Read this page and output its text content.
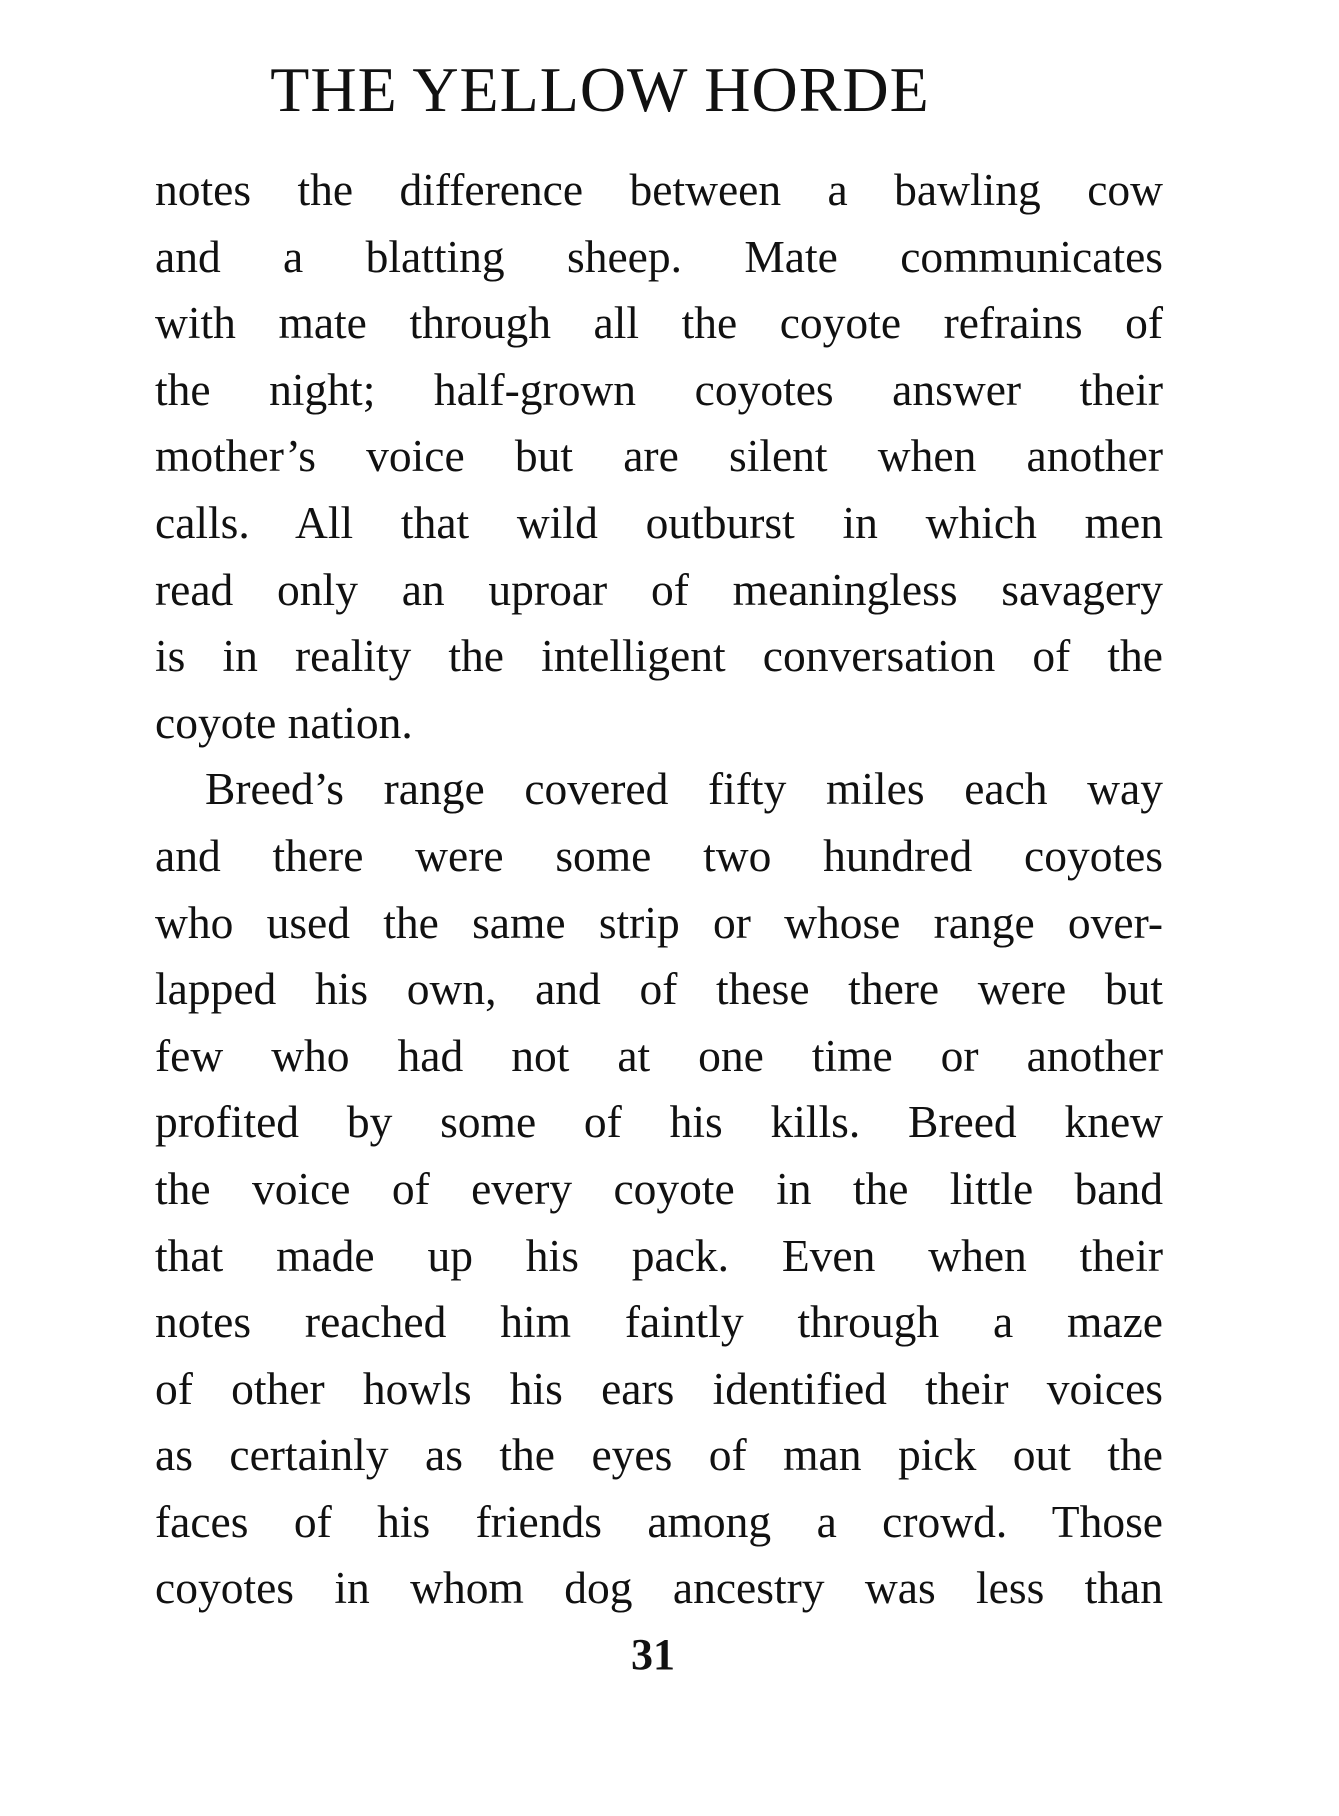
THE YELLOW HORDE
notes the difference between a bawling cow
and a blatting sheep. Mate communicates
with mate through all the coyote refrains of
the night; half-grown coyotes answer their
mother’s voice but are silent when another
calls. All that wild outburst in which men
read only an uproar of meaningless savagery
is in reality the intelligent conversation of the
coyote nation.
Breed’s range covered fifty miles each way
and there were some two hundred coyotes
who used the same strip or whose range over-
lapped his own, and of these there were but
few who had not at one time or another
profited by some of his kills. Breed knew
the voice of every coyote in the little band
that made up his pack. Even when their
notes reached him faintly through a maze
of other howls his ears identified their voices
as certainly as the eyes of man pick out the
faces of his friends among a crowd. Those
coyotes in whom dog ancestry was less than
31
